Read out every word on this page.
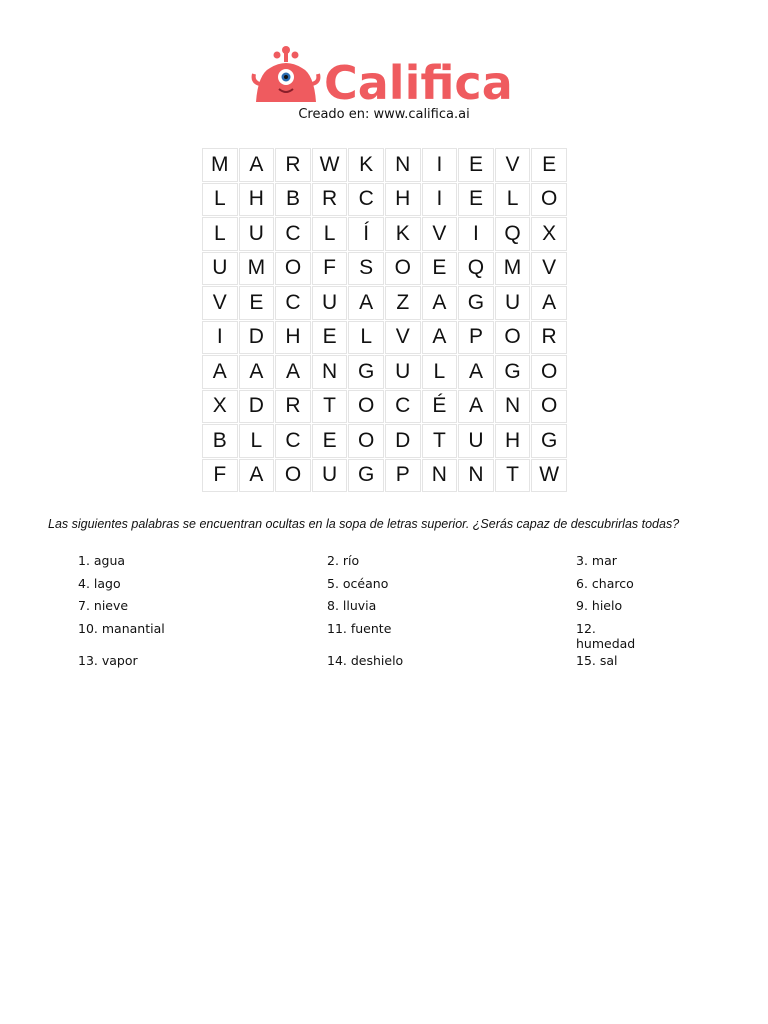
Califica
Creado en: www.califica.ai
M A	R W K	N	I	E	V	E
L	H	B	R	C	H	I	E	L	O
L	U	C	L	Í	K	V	I	Q	X
U M O	F	S	O	E	Q M V
V	E	C	U	A	Z	A	G U	A
I	D	H	E	L	V	A	P	O R
A	A	A	N G U	L	A	G O
X	D	R	T	O C	É	A	N O
B	L	C	E	O D	T	U	H G
F	A	O U G	P	N	N	T W
Las siguientes palabras se encuentran ocultas en la sopa de letras superior. ¿Serás capaz de descubrirlas todas?
1. agua	2. río	3. mar
4. lago	5. océano	6. charco
7. nieve	8. lluvia	9. hielo
10. manantial	11. fuente	12. humedad
13. vapor	14. deshielo	15. sal
